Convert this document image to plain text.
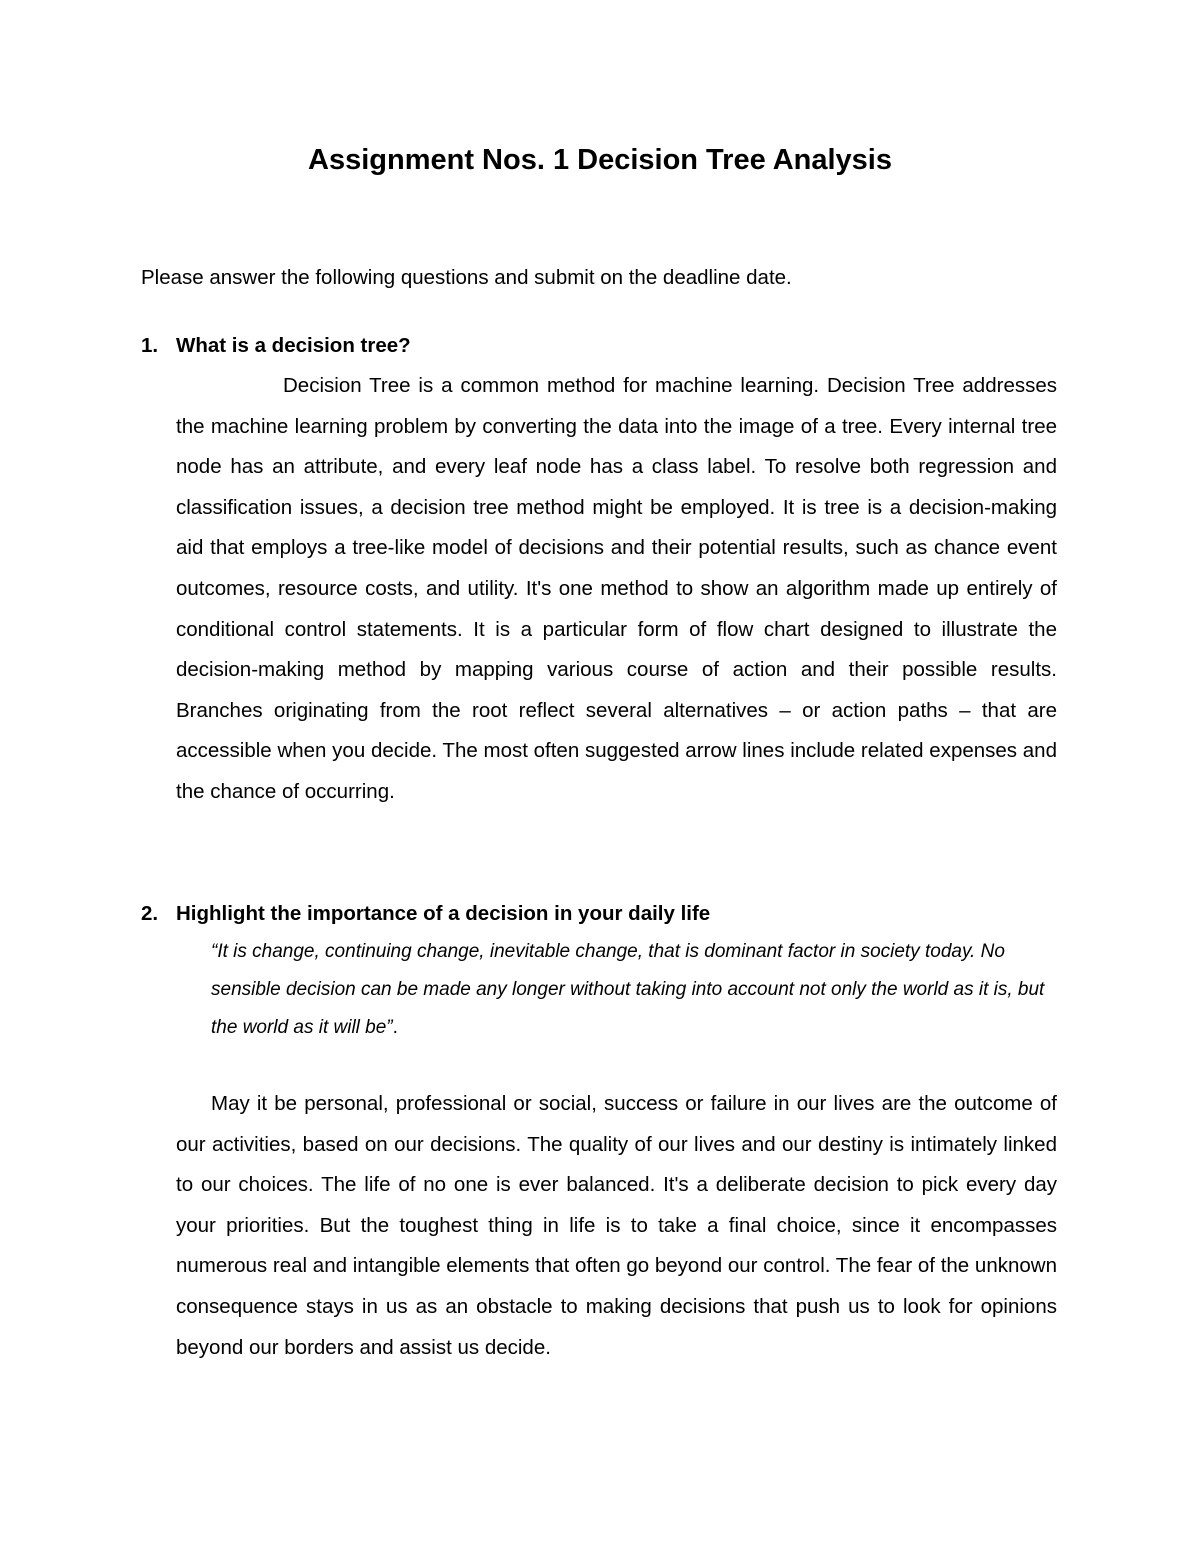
Assignment Nos. 1 Decision Tree Analysis

Please answer the following questions and submit on the deadline date.

1. What is a decision tree?

Decision Tree is a common method for machine learning. Decision Tree addresses the machine learning problem by converting the data into the image of a tree. Every internal tree node has an attribute, and every leaf node has a class label. To resolve both regression and classification issues, a decision tree method might be employed. It is tree is a decision-making aid that employs a tree-like model of decisions and their potential results, such as chance event outcomes, resource costs, and utility. It's one method to show an algorithm made up entirely of conditional control statements. It is a particular form of flow chart designed to illustrate the decision-making method by mapping various course of action and their possible results. Branches originating from the root reflect several alternatives – or action paths – that are accessible when you decide. The most often suggested arrow lines include related expenses and the chance of occurring.

2. Highlight the importance of a decision in your daily life

“It is change, continuing change, inevitable change, that is dominant factor in society today. No sensible decision can be made any longer without taking into account not only the world as it is, but the world as it will be”.

May it be personal, professional or social, success or failure in our lives are the outcome of our activities, based on our decisions. The quality of our lives and our destiny is intimately linked to our choices. The life of no one is ever balanced. It's a deliberate decision to pick every day your priorities. But the toughest thing in life is to take a final choice, since it encompasses numerous real and intangible elements that often go beyond our control. The fear of the unknown consequence stays in us as an obstacle to making decisions that push us to look for opinions beyond our borders and assist us decide.
